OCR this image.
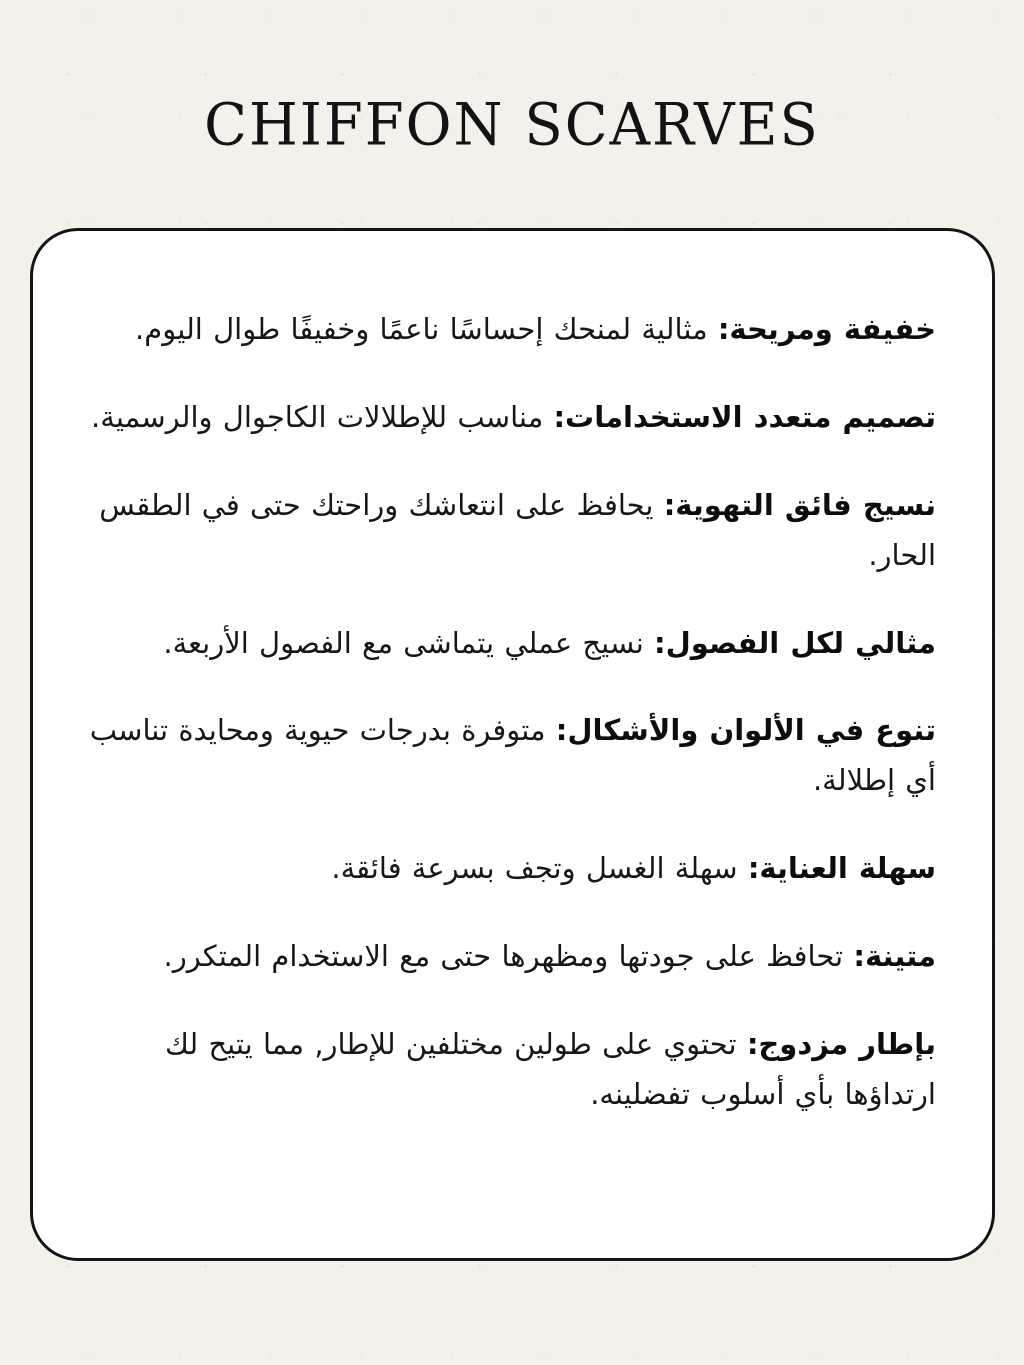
CHIFFON SCARVES

خفيفة ومريحة: مثالية لمنحك إحساسًا ناعمًا وخفيفًا طوال اليوم.

تصميم متعدد الاستخدامات: مناسب للإطلالات الكاجوال والرسمية.

نسيج فائق التهوية: يحافظ على انتعاشك وراحتك حتى في الطقس الحار.

مثالي لكل الفصول: نسيج عملي يتماشى مع الفصول الأربعة.

تنوع في الألوان والأشكال: متوفرة بدرجات حيوية ومحايدة تناسب أي إطلالة.

سهلة العناية: سهلة الغسل وتجف بسرعة فائقة.

متينة: تحافظ على جودتها ومظهرها حتى مع الاستخدام المتكرر.

بإطار مزدوج: تحتوي على طولين مختلفين للإطار, مما يتيح لك ارتداؤها بأي أسلوب تفضلينه.
